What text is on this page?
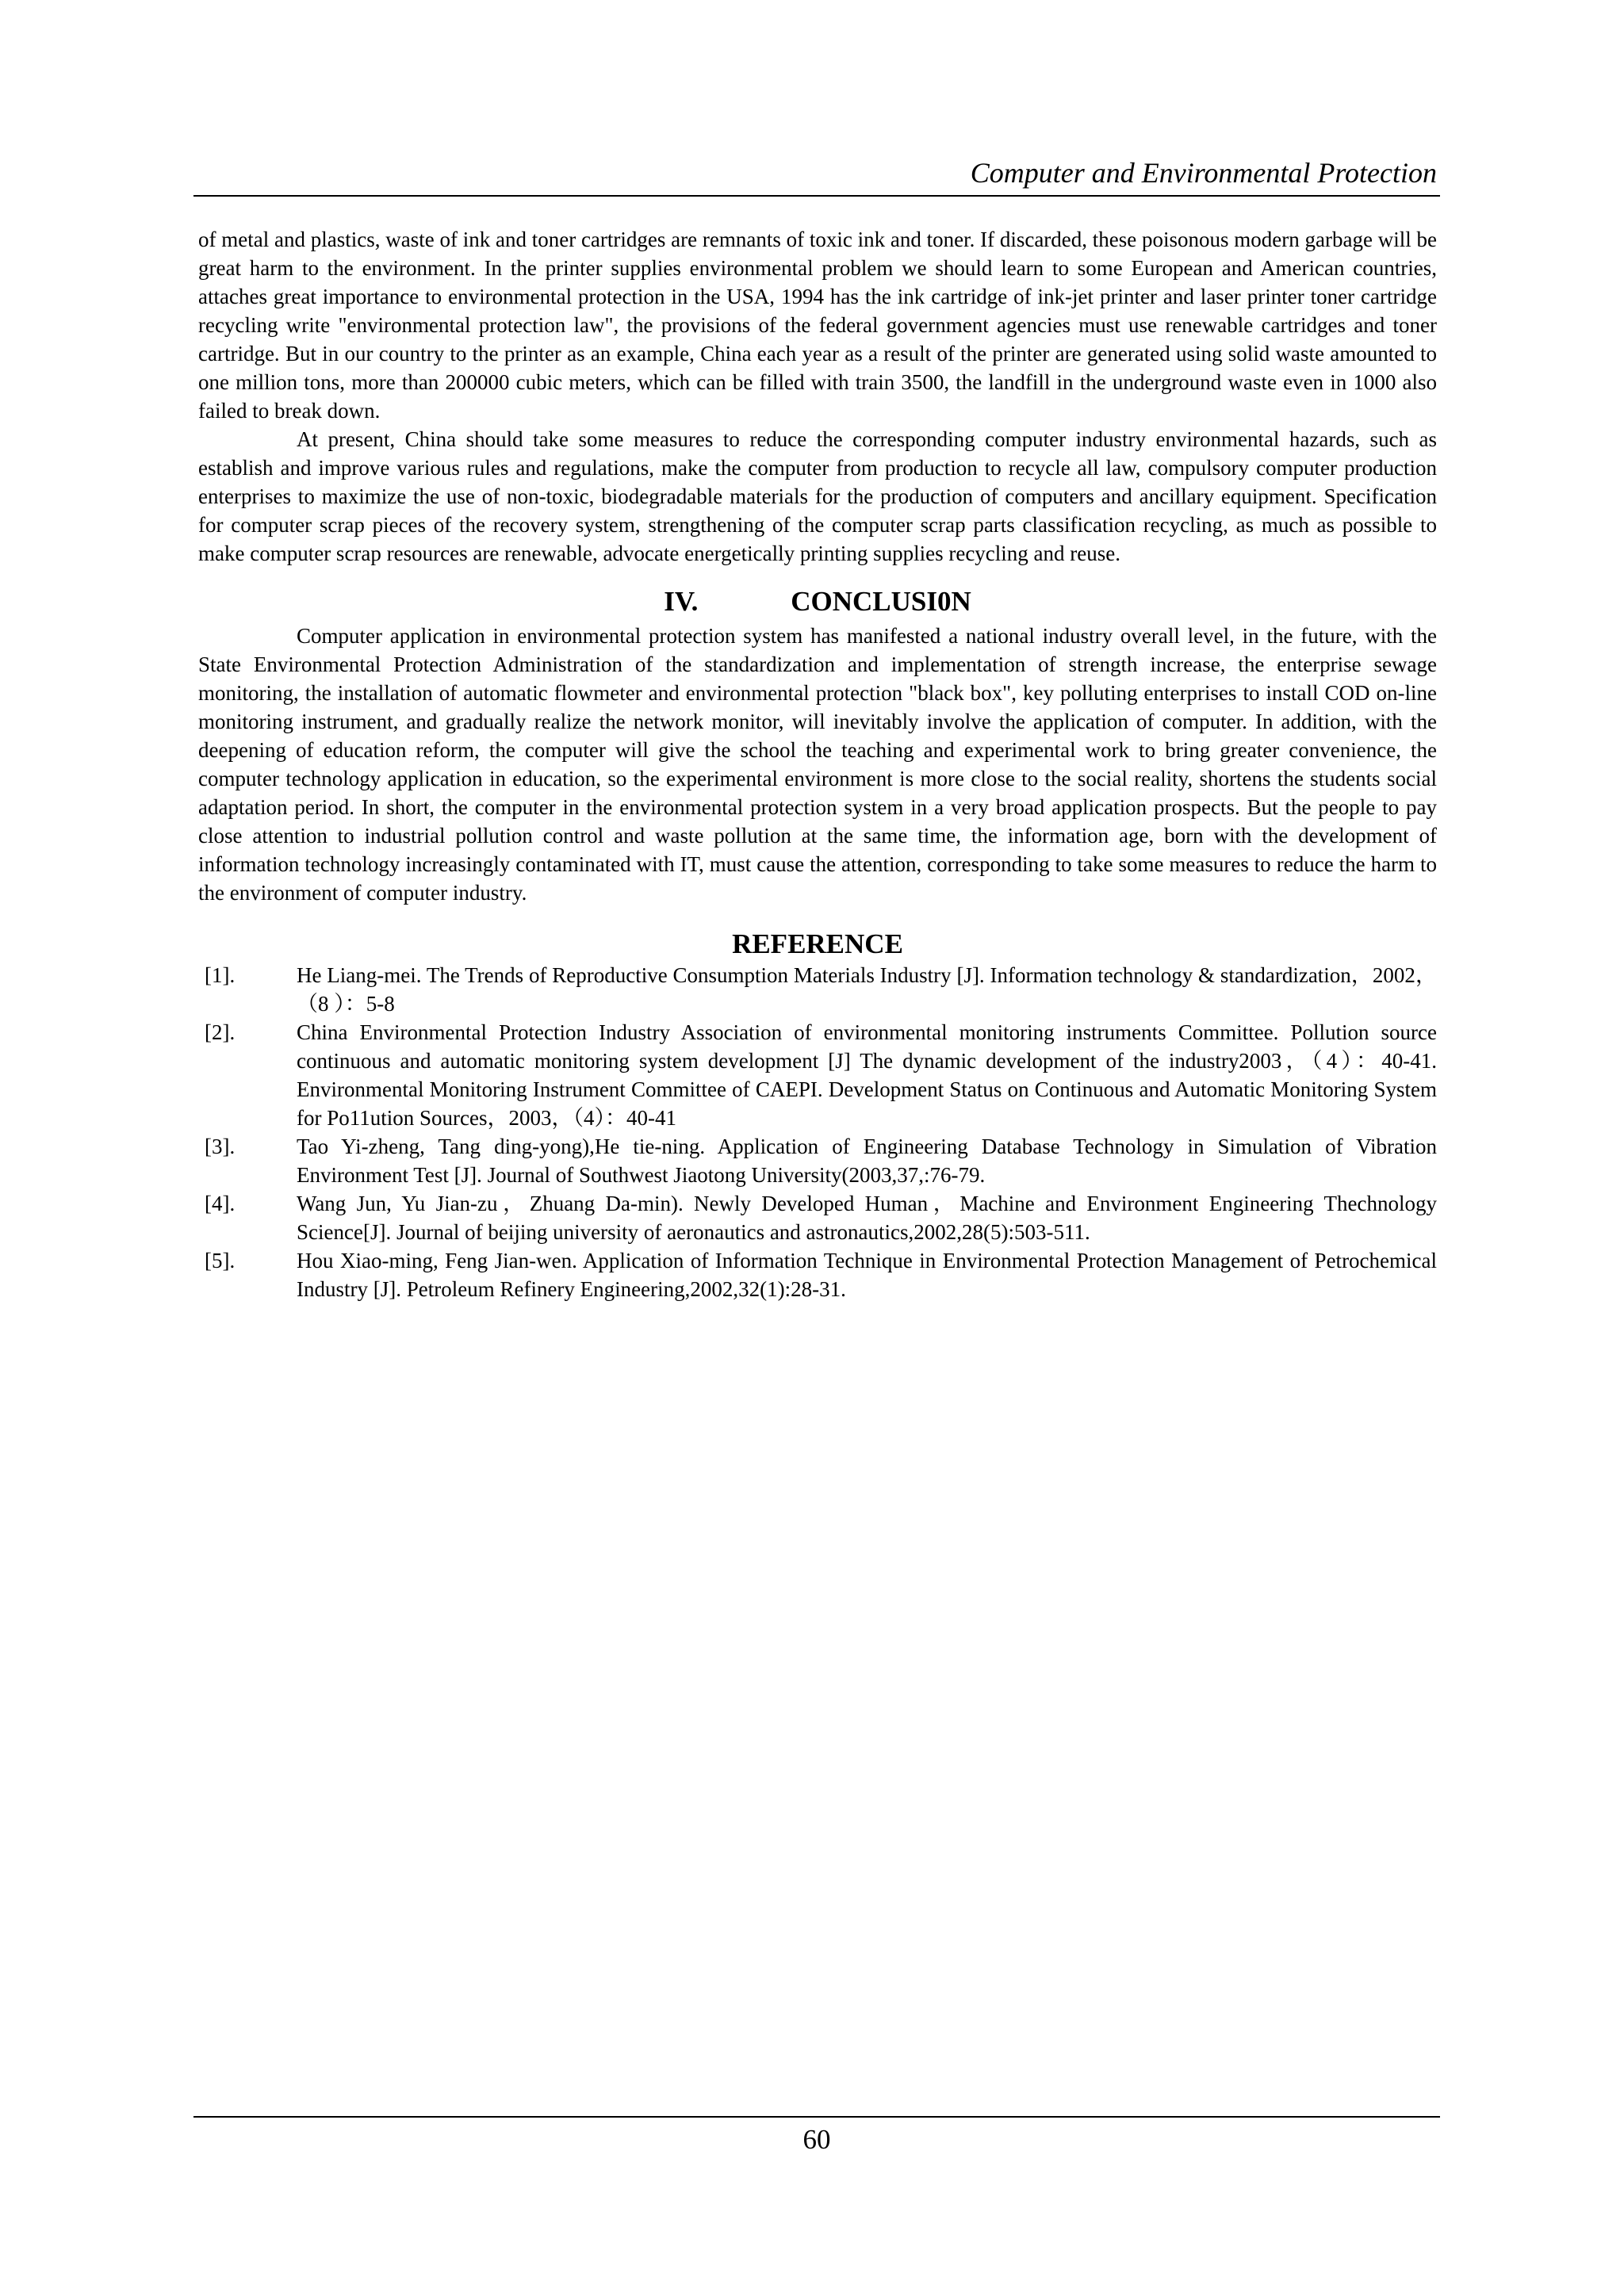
Computer and Environmental Protection

of metal and plastics, waste of ink and toner cartridges are remnants of toxic ink and toner. If discarded, these poisonous modern garbage will be great harm to the environment. In the printer supplies environmental problem we should learn to some European and American countries, attaches great importance to environmental protection in the USA, 1994 has the ink cartridge of ink-jet printer and laser printer toner cartridge recycling write "environmental protection law", the provisions of the federal government agencies must use renewable cartridges and toner cartridge. But in our country to the printer as an example, China each year as a result of the printer are generated using solid waste amounted to one million tons, more than 200000 cubic meters, which can be filled with train 3500, the landfill in the underground waste even in 1000 also failed to break down.

At present, China should take some measures to reduce the corresponding computer industry environmental hazards, such as establish and improve various rules and regulations, make the computer from production to recycle all law, compulsory computer production enterprises to maximize the use of non-toxic, biodegradable materials for the production of computers and ancillary equipment. Specification for computer scrap pieces of the recovery system, strengthening of the computer scrap parts classification recycling, as much as possible to make computer scrap resources are renewable, advocate energetically printing supplies recycling and reuse.

IV.	CONCLUSI0N

Computer application in environmental protection system has manifested a national industry overall level, in the future, with the State Environmental Protection Administration of the standardization and implementation of strength increase, the enterprise sewage monitoring, the installation of automatic flowmeter and environmental protection "black box", key polluting enterprises to install COD on-line monitoring instrument, and gradually realize the network monitor, will inevitably involve the application of computer. In addition, with the deepening of education reform, the computer will give the school the teaching and experimental work to bring greater convenience, the computer technology application in education, so the experimental environment is more close to the social reality, shortens the students social adaptation period. In short, the computer in the environmental protection system in a very broad application prospects. But the people to pay close attention to industrial pollution control and waste pollution at the same time, the information age, born with the development of information technology increasingly contaminated with IT, must cause the attention, corresponding to take some measures to reduce the harm to the environment of computer industry.

REFERENCE
[1].	He Liang-mei. The Trends of Reproductive Consumption Materials Industry [J]. Information technology & standardization，2002，（8 ）：5-8
[2].	China Environmental Protection Industry Association of environmental monitoring instruments Committee. Pollution source continuous and automatic monitoring system development [J] The dynamic development of the industry2003，（4）：40-41. Environmental Monitoring Instrument Committee of CAEPI. Development Status on Continuous and Automatic Monitoring System for Po11ution Sources，2003，（4）：40-41
[3].	Tao Yi-zheng, Tang ding-yong),He tie-ning. Application of Engineering Database Technology in Simulation of Vibration Environment Test [J]. Journal of Southwest Jiaotong University(2003,37,:76-79.
[4].	Wang Jun, Yu Jian-zu，Zhuang Da-min). Newly Developed Human，Machine and Environment Engineering Thechnology Science[J]. Journal of beijing university of aeronautics and astronautics,2002,28(5):503-511.
[5].	Hou Xiao-ming, Feng Jian-wen. Application of Information Technique in Environmental Protection Management of Petrochemical Industry [J]. Petroleum Refinery Engineering,2002,32(1):28-31.
60
